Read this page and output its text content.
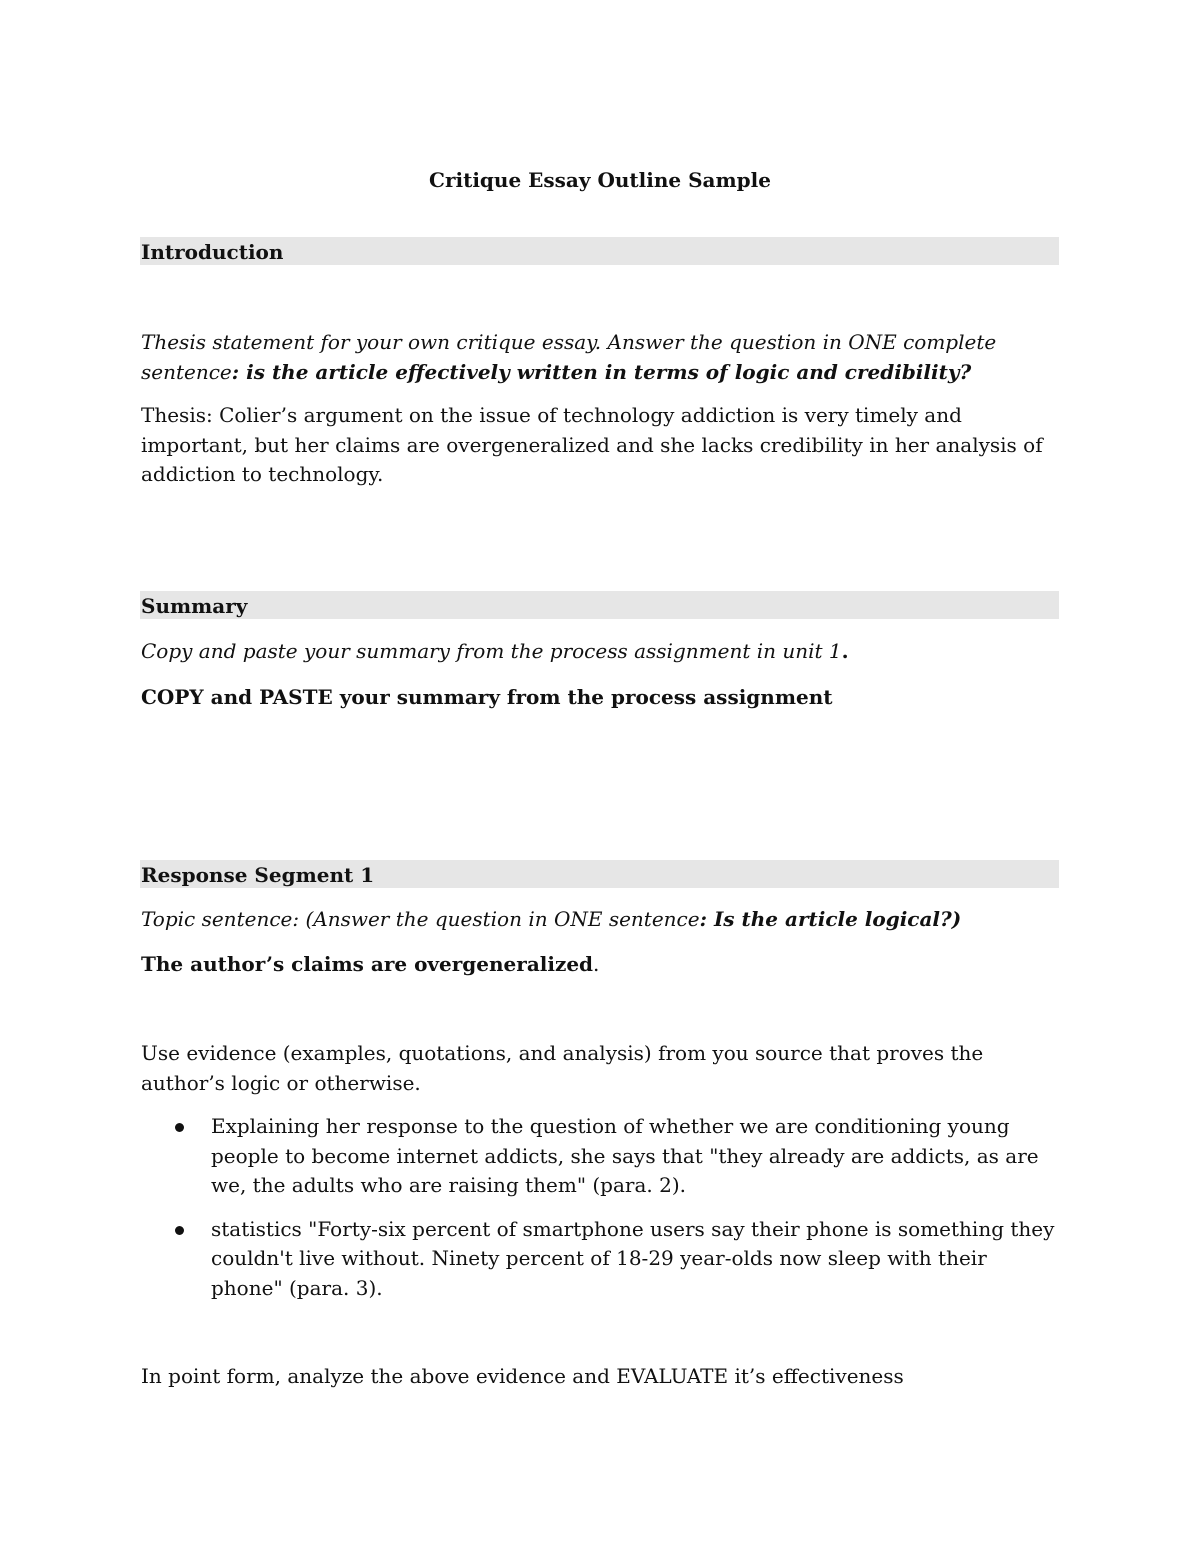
Critique Essay Outline Sample
Introduction

Thesis statement for your own critique essay. Answer the question in ONE complete sentence: is the article effectively written in terms of logic and credibility?

Thesis: Colier’s argument on the issue of technology addiction is very timely and important, but her claims are overgeneralized and she lacks credibility in her analysis of addiction to technology.

Summary

Copy and paste your summary from the process assignment in unit 1.

COPY and PASTE your summary from the process assignment

Response Segment 1

Topic sentence: (Answer the question in ONE sentence: Is the article logical?)

The author’s claims are overgeneralized.

Use evidence (examples, quotations, and analysis) from you source that proves the author’s logic or otherwise.

Explaining her response to the question of whether we are conditioning young people to become internet addicts, she says that "they already are addicts, as are we, the adults who are raising them" (para. 2).
statistics "Forty-six percent of smartphone users say their phone is something they couldn't live without. Ninety percent of 18-29 year-olds now sleep with their phone" (para. 3).

In point form, analyze the above evidence and EVALUATE it’s effectiveness
